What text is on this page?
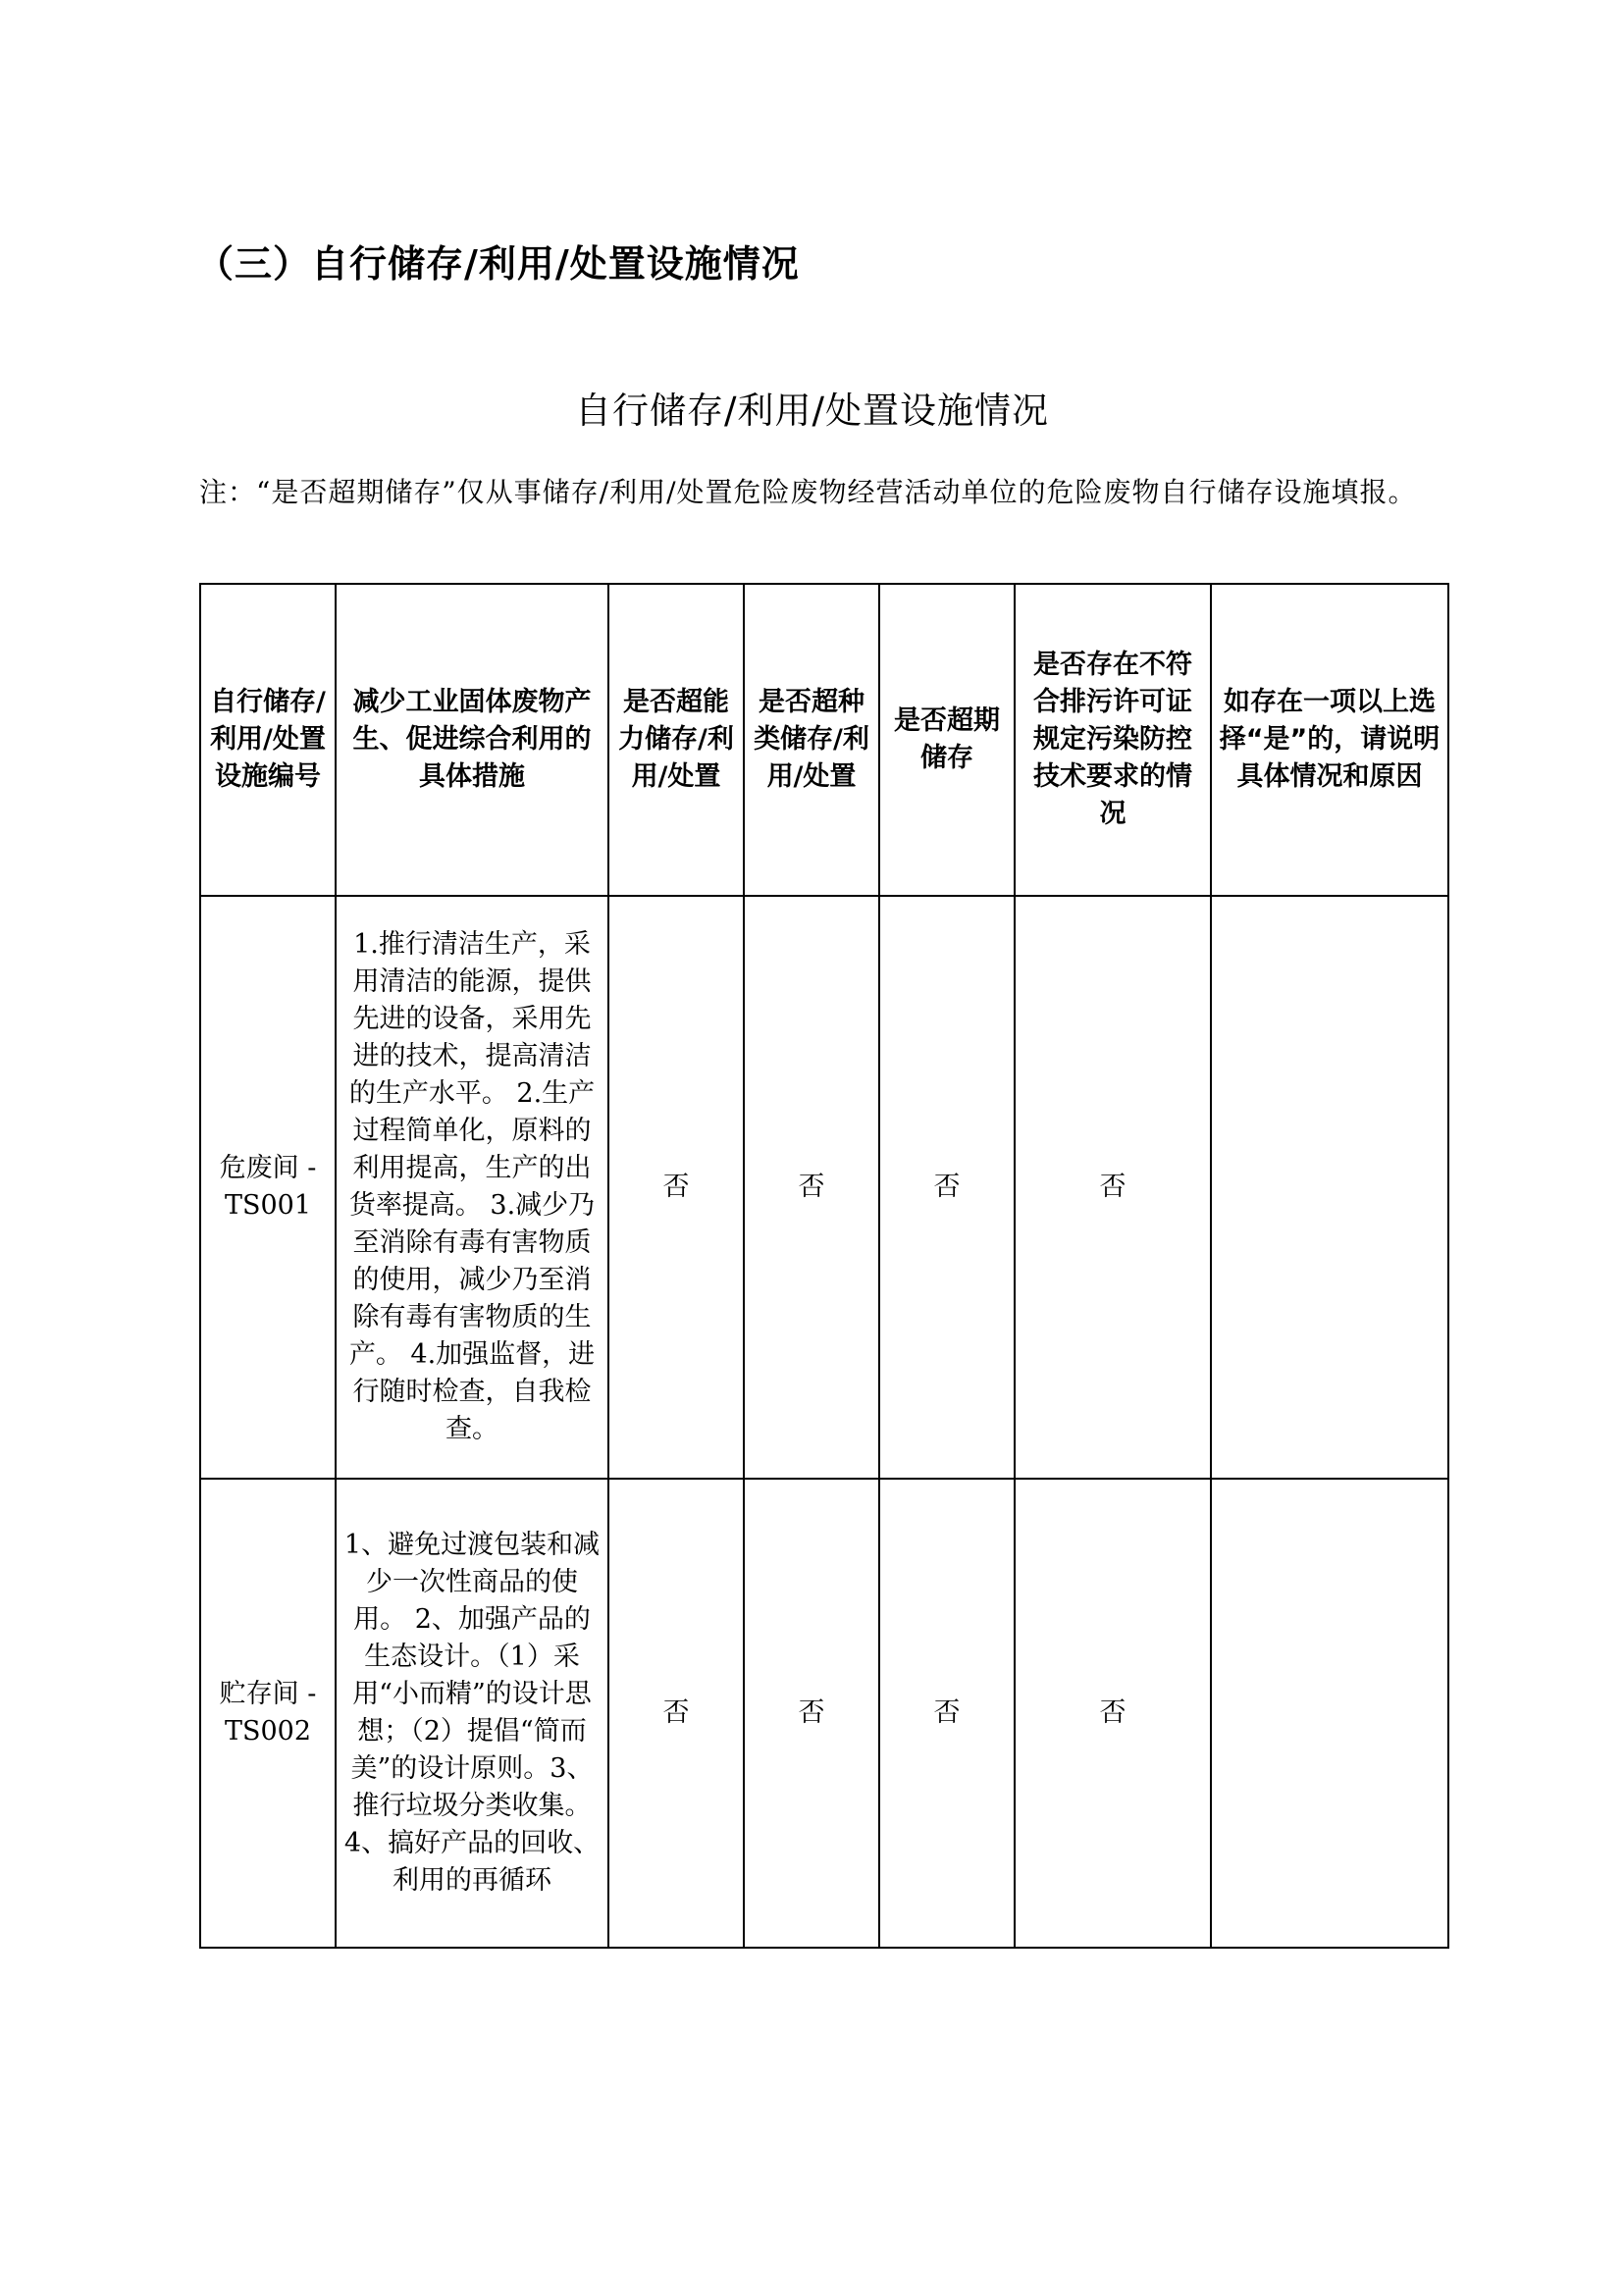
（三）自行储存/利用/处置设施情况
自行储存/利用/处置设施情况
注：“是否超期储存”仅从事储存/利用/处置危险废物经营活动单位的危险废物自行储存设施填报。
自行储存/利用/处置设施编号	减少工业固体废物产生、促进综合利用的具体措施	是否超能力储存/利用/处置	是否超种类储存/利用/处置	是否超期储存	是否存在不符合排污许可证规定污染防控技术要求的情况	如存在一项以上选择“是”的，请说明具体情况和原因
危废间 - TS001	1.推行清洁生产，采用清洁的能源，提供先进的设备，采用先进的技术，提高清洁的生产水平。 2.生产过程简单化，原料的利用提高，生产的出货率提高。 3.减少乃至消除有毒有害物质的使用，减少乃至消除有毒有害物质的生产。 4.加强监督，进行随时检查，自我检查。	否	否	否	否	
贮存间 - TS002	1、避免过渡包装和减少一次性商品的使用。 2、加强产品的生态设计。（1）采用“小而精”的设计思想；（2）提倡“简而美”的设计原则。3、推行垃圾分类收集。 4、搞好产品的回收、利用的再循环	否	否	否	否	
